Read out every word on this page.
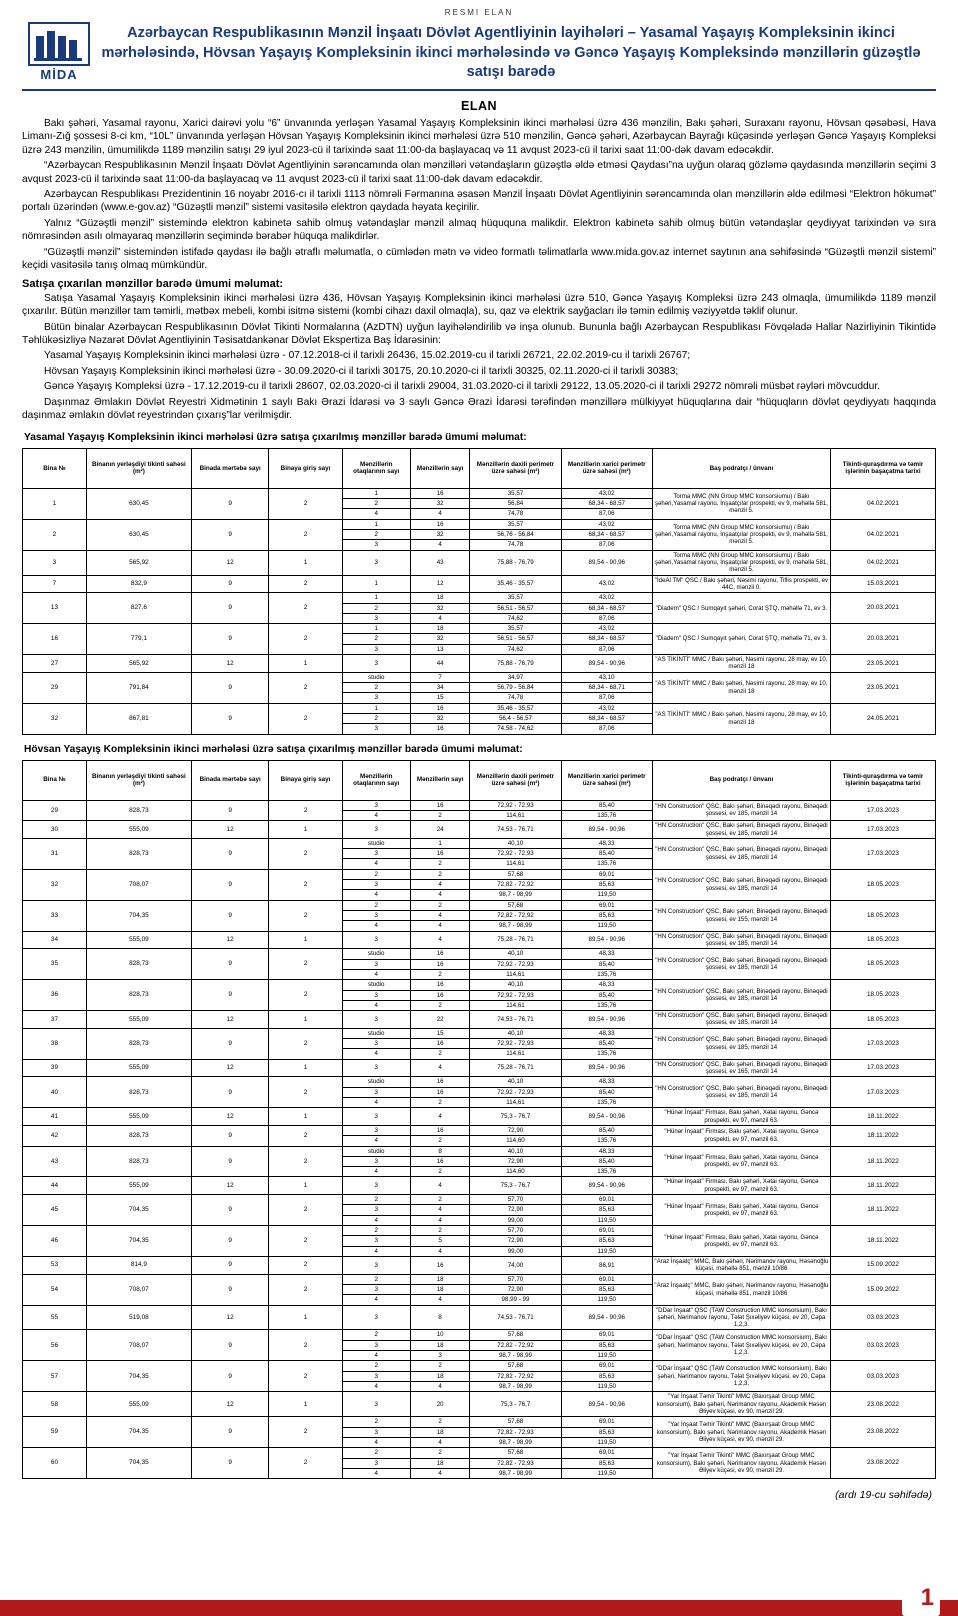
RESMI ELAN
MİDA
Azərbaycan Respublikasının Mənzil İnşaatı Dövlət Agentliyinin layihələri – Yasamal Yaşayış Kompleksinin ikinci mərhələsində, Hövsan Yaşayış Kompleksinin ikinci mərhələsində və Gəncə Yaşayış Kompleksində mənzillərin güzəştlə satışı barədə
ELAN

Bakı şəhəri, Yasamal rayonu, Xarici dairəvi yolu “6” ünvanında yerləşən Yasamal Yaşayış Kompleksinin ikinci mərhələsi üzrə 436 mənzilin, Bakı şəhəri, Suraxanı rayonu, Hövsan qəsəbəsi, Hava Limanı-Zığ şossesi 8-ci km, “10L” ünvanında yerləşən Hövsan Yaşayış Kompleksinin ikinci mərhələsi üzrə 510 mənzilin, Gəncə şəhəri, Azərbaycan Bayrağı küçəsində yerləşən Gəncə Yaşayış Kompleksi üzrə 243 mənzilin, ümumilikdə 1189 mənzilin satışı 29 iyul 2023-cü il tarixində saat 11:00-da başlayacaq və 11 avqust 2023-cü il tarixi saat 11:00-dək davam edəcəkdir.

“Azərbaycan Respublikasının Mənzil İnşaatı Dövlət Agentliyinin sərəncamında olan mənzilləri vətəndaşların güzəştlə əldə etməsi Qaydası”na uyğun olaraq gözləmə qaydasında mənzillərin seçimi 3 avqust 2023-cü il tarixində saat 11:00-da başlayacaq və 11 avqust 2023-cü il tarixi saat 11:00-dək davam edəcəkdir.

Azərbaycan Respublikası Prezidentinin 16 noyabr 2016-cı il tarixli 1113 nömrəli Fərmanına əsasən Mənzil İnşaatı Dövlət Agentliyinin sərəncamında olan mənzillərin əldə edilməsi “Elektron hökumət” portalı üzərindən (www.e-gov.az) “Güzəştli mənzil” sistemi vasitəsilə elektron qaydada həyata keçirilir.

Yalnız “Güzəştli mənzil” sistemində elektron kabinetə sahib olmuş vətəndaşlar mənzil almaq hüququna malikdir. Elektron kabinetə sahib olmuş bütün vətəndaşlar qeydiyyat tarixindən və sıra nömrəsindən asılı olmayaraq mənzillərin seçimində bərabər hüquqa malikdirlər.

“Güzəştli mənzil” sistemindən istifadə qaydası ilə bağlı ətraflı məlumatla, o cümlədən mətn və video formatlı təlimatlarla www.mida.gov.az internet saytının ana səhifəsində “Güzəştli mənzil sistemi” keçidi vasitəsilə tanış olmaq mümkündür.

Satışa çıxarılan mənzillər barədə ümumi məlumat:

Satışa Yasamal Yaşayış Kompleksinin ikinci mərhələsi üzrə 436, Hövsan Yaşayış Kompleksinin ikinci mərhələsi üzrə 510, Gəncə Yaşayış Kompleksi üzrə 243 olmaqla, ümumilikdə 1189 mənzil çıxarılır. Bütün mənzillər tam təmirli, mətbəx mebeli, kombi isitmə sistemi (kombi cihazı daxil olmaqla), su, qaz və elektrik sayğacları ilə təmin edilmiş vəziyyətdə təklif olunur.

Bütün binalar Azərbaycan Respublikasının Dövlət Tikinti Normalarına (AzDTN) uyğun layihələndirilib və inşa olunub. Bununla bağlı Azərbaycan Respublikası Fövqəladə Hallar Nazirliyinin Tikintidə Təhlükəsizliyə Nəzarət Dövlət Agentliyinin Təsisatdankənar Dövlət Ekspertiza Baş İdarəsinin:

Yasamal Yaşayış Kompleksinin ikinci mərhələsi üzrə - 07.12.2018-ci il tarixli 26436, 15.02.2019-cu il tarixli 26721, 22.02.2019-cu il tarixli 26767;

Hövsan Yaşayış Kompleksinin ikinci mərhələsi üzrə - 30.09.2020-ci il tarixli 30175, 20.10.2020-ci il tarixli 30325, 02.11.2020-ci il tarixli 30383;

Gəncə Yaşayış Kompleksi üzrə - 17.12.2019-cu il tarixli 28607, 02.03.2020-ci il tarixli 29004, 31.03.2020-ci il tarixli 29122, 13.05.2020-ci il tarixli 29272 nömrəli müsbət rəyləri mövcuddur.

Daşınmaz Əmlakın Dövlət Reyestri Xidmətinin 1 saylı Bakı Ərazi İdarəsi və 3 saylı Gəncə Ərazi İdarəsi tərəfindən mənzillərə mülkiyyət hüquqlarına dair “hüquqların dövlət qeydiyyatı haqqında daşınmaz əmlakın dövlət reyestrindən çıxarış”lar verilmişdir.

Yasamal Yaşayış Kompleksinin ikinci mərhələsi üzrə satışa çıxarılmış mənzillər barədə ümumi məlumat:
Bina №	Binanın yerləşdiyi tikinti sahəsi (m²)	Binada mərtəbə sayı	Binaya giriş sayı	Mənzillərin otaqlarının sayı	Mənzillərin sayı	Mənzillərin daxili perimetr üzrə sahəsi (m²)	Mənzillərin xarici perimetr üzrə sahəsi (m²)	Baş podratçı / ünvanı	Tikinti-quraşdırma və təmir işlərinin başaçatma tarixi
1	630,45	9	2	1	16	35,57	43,02	Torma MMC (NN Group MMC konsorsiumu) / Bakı şəhəri,Yasamal rayonu, İnşaatçılar prospekti, ev 9, məhəllə 581, mənzil 5.	04.02.2021
				2	32	56,84	68,34 - 68,57		
				4	4	74,78	87,06		
2	630,45	9	2	1	16	35,57	43,02	Torma MMC (NN Group MMC konsorsiumu) / Bakı şəhəri,Yasamal rayonu, İnşaatçılar prospekti, ev 9, məhəllə 581, mənzil 5.	04.02.2021
				2	32	56,76 - 56,84	68,34 - 68,57		
				3	4	74,78	87,06		
3	565,92	12	1	3	43	75,88 - 76,79	89,54 - 90,96	Torma MMC (NN Group MMC konsorsiumu) / Bakı şəhəri,Yasamal rayonu, İnşaatçılar prospekti, ev 9, məhəllə 581, mənzil 5.	04.02.2021
7	832,9	9	2	1	12	35,46 - 35,57	43,02	"İdeAl TM" QSC / Bakı şəhəri, Nəsimi rayonu, Tiflis prospekti, ev 44C, mənzil 0.	15.03.2021
13	827,6	9	2	1	18	35,57	43,02	"Diadem" QSC / Sumqayıt şəhəri, Corat ŞTQ, məhəllə 71, ev 3.	20.03.2021
				2	32	56,51 - 56,57	68,34 - 68,57		
				3	4	74,62	87,06		
16	779,1	9	2	1	18	35,57	43,02	"Diadem" QSC / Sumqayıt şəhəri, Corat ŞTQ, məhəllə 71, ev 3.	20.03.2021
				2	32	56,51 - 56,57	68,34 - 68,57		
				3	13	74,62	87,06		
27	565,92	12	1	3	44	75,88 - 76,79	89,54 - 90,96	"AS TİKİNTİ" MMC / Bakı şəhəri, Nəsimi rayonu, 28 may, ev 10, mənzil 18	23.05.2021
29	791,84	9	2	studio	7	34,97	43,10	"AS TİKİNTİ" MMC / Bakı şəhəri, Nəsimi rayonu, 28 may, ev 10, mənzil 18	23.05.2021
				2	34	56,79 - 56,84	68,34 - 68,71		
				3	15	74,78	87,06		
32	867,81	9	2	1	16	35,46 - 35,57	43,02	"AS TİKİNTİ" MMC / Bakı şəhəri, Nəsimi rayonu, 28 may, ev 10, mənzil 18	24.05.2021
				2	32	56,4 - 56,57	68,34 - 68,57		
				3	16	74,58 - 74,62	87,06		
Hövsan Yaşayış Kompleksinin ikinci mərhələsi üzrə satışa çıxarılmış mənzillər barədə ümumi məlumat:
Bina №	Binanın yerləşdiyi tikinti sahəsi (m²)	Binada mərtəbə sayı	Binaya giriş sayı	Mənzillərin otaqlarının sayı	Mənzillərin sayı	Mənzillərin daxili perimetr üzrə sahəsi (m²)	Mənzillərin xarici perimetr üzrə sahəsi (m²)	Baş podratçı / ünvanı	Tikinti-quraşdırma və təmir işlərinin başaçatma tarixi
29	828,73	9	2	3	16	72,92 - 72,93	85,40	"HN Construction" QSC, Bakı şəhəri, Binəqədi rayonu, Binəqədi şossesi, ev 185, mənzil 14	17.03.2023
				4	2	114,61	135,76		
30	555,09	12	1	3	24	74,53 - 76,71	89,54 - 90,96	"HN Construction" QSC, Bakı şəhəri, Binəqədi rayonu, Binəqədi şossesi, ev 185, mənzil 14	17.03.2023
31	828,73	9	2	studio	1	40,10	48,33	"HN Construction" QSC, Bakı şəhəri, Binəqədi rayonu, Binəqədi şossesi, ev 185, mənzil 14	17.03.2023
				3	16	72,92 - 72,93	85,40		
				4	2	114,61	135,76		
32	708,07	9	2	2	2	57,68	69,01	"HN Construction" QSC, Bakı şəhəri, Binəqədi rayonu, Binəqədi şossesi, ev 185, mənzil 14	18.05.2023
				3	4	72,82 - 72,92	85,63		
				4	4	98,7 - 98,99	119,50		
33	704,35	9	2	2	2	57,68	69,01	"HN Construction" QSC, Bakı şəhəri, Binəqədi rayonu, Binəqədi şossesi, ev 155, mənzil 14	18.05.2023
				3	4	72,82 - 72,92	85,63		
				4	4	98,7 - 98,99	119,50		
34	555,09	12	1	3	4	75,28 - 76,71	89,54 - 90,96	"HN Construction" QSC, Bakı şəhəri, Binəqədi rayonu, Binəqədi şossesi, ev 185, mənzil 14	18.05.2023
35	828,73	9	2	studio	16	40,10	48,33	"HN Construction" QSC, Bakı şəhəri, Binəqədi rayonu, Binəqədi şossesi, ev 185, mənzil 14	18.05.2023
				3	16	72,92 - 72,93	85,40		
				4	2	114,61	135,76		
36	828,73	9	2	studio	16	40,10	48,33	"HN Construction" QSC, Bakı şəhəri, Binəqədi rayonu, Binəqədi şossesi, ev 185, mənzil 14	18.05.2023
				3	16	72,92 - 72,93	85,40		
				4	2	114,61	135,76		
37	555,09	12	1	3	22	74,53 - 76,71	89,54 - 90,96	"HN Construction" QSC, Bakı şəhəri, Binəqədi rayonu, Binəqədi şossesi, ev 185, mənzil 14	18.05.2023
38	828,73	9	2	studio	15	40,10	48,33	"HN Construction" QSC, Bakı şəhəri, Binəqədi rayonu, Binəqədi şossesi, ev 185, mənzil 14	17.03.2023
				3	16	72,92 - 72,93	85,40		
				4	2	114,61	135,76		
39	555,09	12	1	3	4	75,28 - 76,71	89,54 - 90,96	"HN Construction" QSC, Bakı şəhəri, Binəqədi rayonu, Binəqədi şossesi, ev 165, mənzil 14	17.03.2023
40	828,73	9	2	studio	16	40,10	48,33	"HN Construction" QSC, Bakı şəhəri, Binəqədi rayonu, Binəqədi şossesi, ev 185, mənzil 14	17.03.2023
				3	16	72,92 - 72,93	85,40		
				4	2	114,61	135,76		
41	555,09	12	1	3	4	75,3 - 76,7	89,54 - 90,96	"Hünər İnşaat" Firması, Bakı şəhəri, Xətai rayonu, Gəncə prospekti, ev 97, mənzil 63.	18.11.2022
42	828,73	9	2	3	16	72,90	85,40	"Hünər İnşaat" Firması, Bakı şəhəri, Xətai rayonu, Gəncə prospekti, ev 97, mənzil 63.	18.11.2022
				4	2	114,60	135,76		
43	828,73	9	2	studio	8	40,10	48,33	"Hünər İnşaat" Firması, Bakı şəhəri, Xətai rayonu, Gəncə prospekti, ev 97, mənzil 63.	18.11.2022
				3	16	72,90	85,40		
				4	2	114,60	135,76		
44	555,09	12	1	3	4	75,3 - 76,7	89,54 - 90,96	"Hünər İnşaat" Firması, Bakı şəhəri, Xətai rayonu, Gəncə prospekti, ev 97, mənzil 63.	18.11.2022
45	704,35	9	2	2	2	57,70	69,01	"Hünər İnşaat" Firması, Bakı şəhəri, Xətai rayonu, Gəncə prospekti, ev 97, mənzil 63.	18.11.2022
				3	4	72,90	85,63		
				4	4	99,00	119,50		
46	704,35	9	2	2	2	57,70	69,01	"Hünər İnşaat" Firması, Bakı şəhəri, Xətai rayonu, Gəncə prospekti, ev 97, mənzil 63.	18.11.2022
				3	5	72,90	85,63		
				4	4	99,00	119,50		
53	814,9	9	2	3	16	74,00	86,91	"Araz İnşaatç" MMC, Bakı şəhəri, Nərimanov rayonu, Həsənoğlu küçəsi, məhəllə 851, mənzil 10/86	15.09.2022
54	708,07	9	2	2	18	57,70	69,01	"Araz İnşaatç" MMC, Bakı şəhəri, Nərimanov rayonu, Həsənoğlu küçəsi, məhəllə 851, mənzil 10/86	15.09.2022
				3	18	72,90	85,63		
				4	4	98,99 - 99	119,50		
55	519,08	12	1	3	8	74,53 - 76,71	89,54 - 90,96	"DDar İnşaat" QSC (TAW Construction MMC konsorsium), Bakı şəhəri, Nərimanov rayonu, Tələt Şıxəliyev küçəsi, ev 20, Cəpa 1,2,3.	03.03.2023
56	708,07	9	2	2	10	57,68	69,01	"DDar İnşaat" QSC (TAW Construction MMC konsorsium), Bakı şəhəri, Nərimanov rayonu, Tələt Şıxəliyev küçəsi, ev 20, Cəpa 1,2,3.	03.03.2023
				3	18	72,82 - 72,92	85,63		
				4	3	98,7 - 98,99	119,50		
57	704,35	9	2	2	2	57,68	69,01	"DDar İnşaat" QSC (TAW Construction MMC konsorsium), Bakı şəhəri, Nərimanov rayonu, Tələt Şıxəliyev küçəsi, ev 20, Cəpa 1,2,3.	03.03.2023
				3	18	72,82 - 72,92	85,63		
				4	4	98,7 - 98,99	119,50		
58	555,09	12	1	3	20	75,3 - 76,7	89,54 - 90,96	"Yar İnşaat Təmir Tikinti" MMC (Baxırşaat Group MMC konsorsium), Bakı şəhəri, Nərimanov rayonu, Akademik Həsən Əliyev küçəsi, ev 90, mənzil 29.	23.08.2022
59	704,35	9	2	2	2	57,68	69,01	"Yar İnşaat Təmir Tikinti" MMC (Baxırşaat Group MMC konsorsium), Bakı şəhəri, Nərimanov rayonu, Akademik Həsən Əliyev küçəsi, ev 90, mənzil 29.	23.08.2022
				3	18	72,82 - 72,93	85,63		
				4	4	98,7 - 98,99	119,50		
60	704,35	9	2	2	2	57,68	69,01	"Yar İnşaat Təmir Tikinti" MMC (Baxırşaat Group MMC konsorsium), Bakı şəhəri, Nərimanov rayonu, Akademik Həsən Əliyev küçəsi, ev 90, mənzil 29.	23.08.2022
				3	18	72,82 - 72,93	85,63		
				4	4	98,7 - 98,99	119,50		
(ardı 19-cu səhifədə)
1
